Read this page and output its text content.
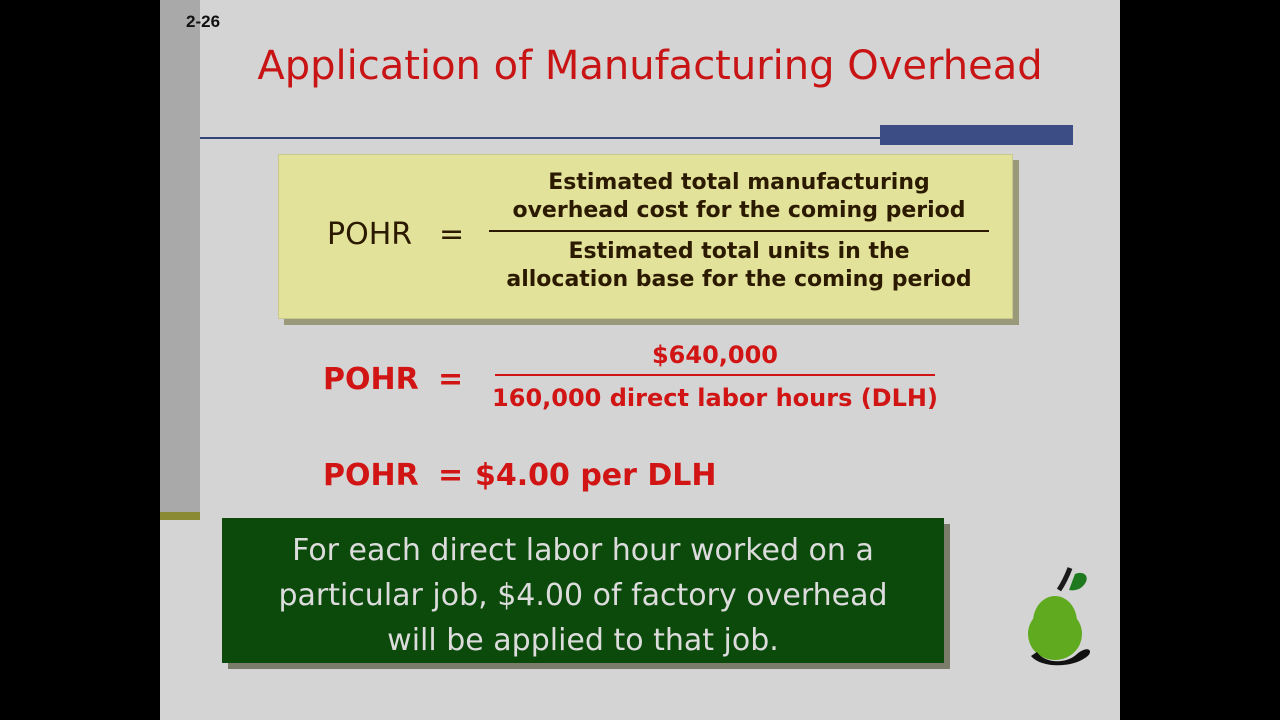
2-26
Application of Manufacturing Overhead
POHR =
Estimated total manufacturing
overhead cost for the coming period
Estimated total units in the
allocation base for the coming period
POHR =
$640,000
160,000 direct labor hours (DLH)
POHR = $4.00 per DLH
For each direct labor hour worked on a
particular job, $4.00 of factory overhead
will be applied to that job.
